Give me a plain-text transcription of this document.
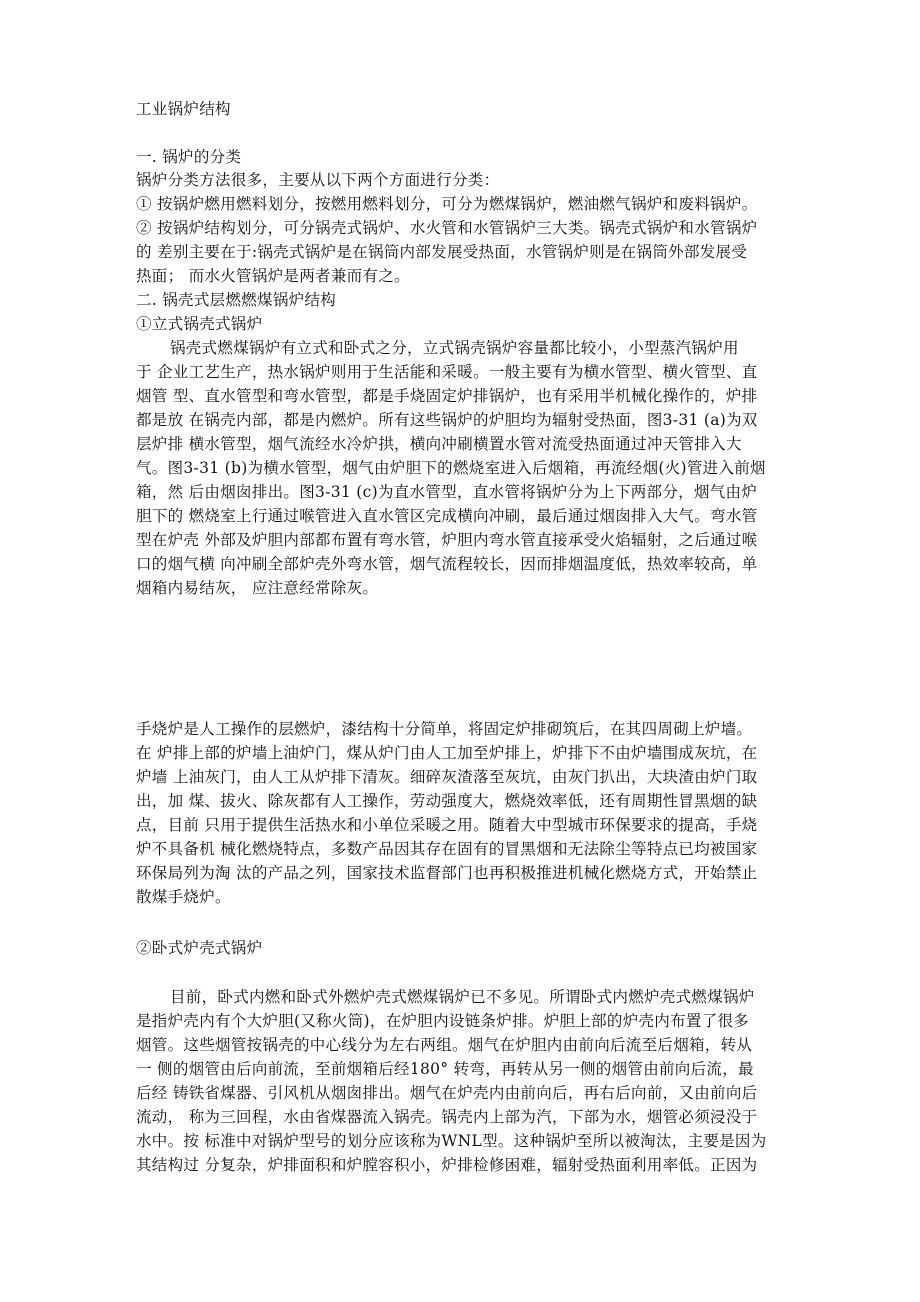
工业锅炉结构
一. 锅炉的分类
锅炉分类方法很多，主要从以下两个方面进行分类：
① 按锅炉燃用燃料划分，按燃用燃料划分，可分为燃煤锅炉，燃油燃气锅炉和废料锅炉。
② 按锅炉结构划分，可分锅壳式锅炉、水火管和水管锅炉三大类。锅壳式锅炉和水管锅炉
的 差别主要在于:锅壳式锅炉是在锅筒内部发展受热面，水管锅炉则是在锅筒外部发展受
热面； 而水火管锅炉是两者兼而有之。
二. 锅壳式层燃燃煤锅炉结构
①立式锅壳式锅炉
锅壳式燃煤锅炉有立式和卧式之分，立式锅壳锅炉容量都比较小，小型蒸汽锅炉用
于 企业工艺生产，热水锅炉则用于生活能和采暖。一般主要有为横水管型、横火管型、直
烟管 型、直水管型和弯水管型，都是手烧固定炉排锅炉，也有采用半机械化操作的，炉排
都是放 在锅壳内部，都是内燃炉。所有这些锅炉的炉胆均为辐射受热面，图3-31 (a)为双
层炉排 横水管型，烟气流经水冷炉拱，横向冲刷横置水管对流受热面通过冲天管排入大
气。图3-31 (b)为横水管型，烟气由炉胆下的燃烧室进入后烟箱，再流经烟(火)管进入前烟
箱，然 后由烟囱排出。图3-31 (c)为直水管型，直水管将锅炉分为上下两部分，烟气由炉
胆下的 燃烧室上行通过喉管进入直水管区完成横向冲刷，最后通过烟囱排入大气。弯水管
型在炉壳 外部及炉胆内部都布置有弯水管，炉胆内弯水管直接承受火焰辐射，之后通过喉
口的烟气横 向冲刷全部炉壳外弯水管，烟气流程较长，因而排烟温度低，热效率较高，单
烟箱内易结灰， 应注意经常除灰。
手烧炉是人工操作的层燃炉，漆结构十分简单，将固定炉排砌筑后，在其四周砌上炉墙。
在 炉排上部的炉墙上油炉门，煤从炉门由人工加至炉排上，炉排下不由炉墙围成灰坑，在
炉墙 上油灰门，由人工从炉排下清灰。细碎灰渣落至灰坑，由灰门扒出，大块渣由炉门取
出，加 煤、拔火、除灰都有人工操作，劳动强度大，燃烧效率低，还有周期性冒黑烟的缺
点，目前 只用于提供生活热水和小单位采暖之用。随着大中型城市环保要求的提高，手烧
炉不具备机 械化燃烧特点，多数产品因其存在固有的冒黑烟和无法除尘等特点已均被国家
环保局列为淘 汰的产品之列，国家技术监督部门也再积极推进机械化燃烧方式，开始禁止
散煤手烧炉。
②卧式炉壳式锅炉
目前，卧式内燃和卧式外燃炉壳式燃煤锅炉已不多见。所谓卧式内燃炉壳式燃煤锅炉
是指炉壳内有个大炉胆(又称火筒)，在炉胆内设链条炉排。炉胆上部的炉壳内布置了很多
烟管。这些烟管按锅壳的中心线分为左右两组。烟气在炉胆内由前向后流至后烟箱，转从
一 侧的烟管由后向前流，至前烟箱后经180° 转弯，再转从另一侧的烟管由前向后流，最
后经 铸铁省煤器、引风机从烟囱排出。烟气在炉壳内由前向后，再右后向前，又由前向后
流动， 称为三回程，水由省煤器流入锅壳。锅壳内上部为汽，下部为水，烟管必须浸没于
水中。按 标准中对锅炉型号的划分应该称为WNL型。这种锅炉至所以被淘汰，主要是因为
其结构过 分复杂，炉排面积和炉膛容积小，炉排检修困难，辐射受热面利用率低。正因为
